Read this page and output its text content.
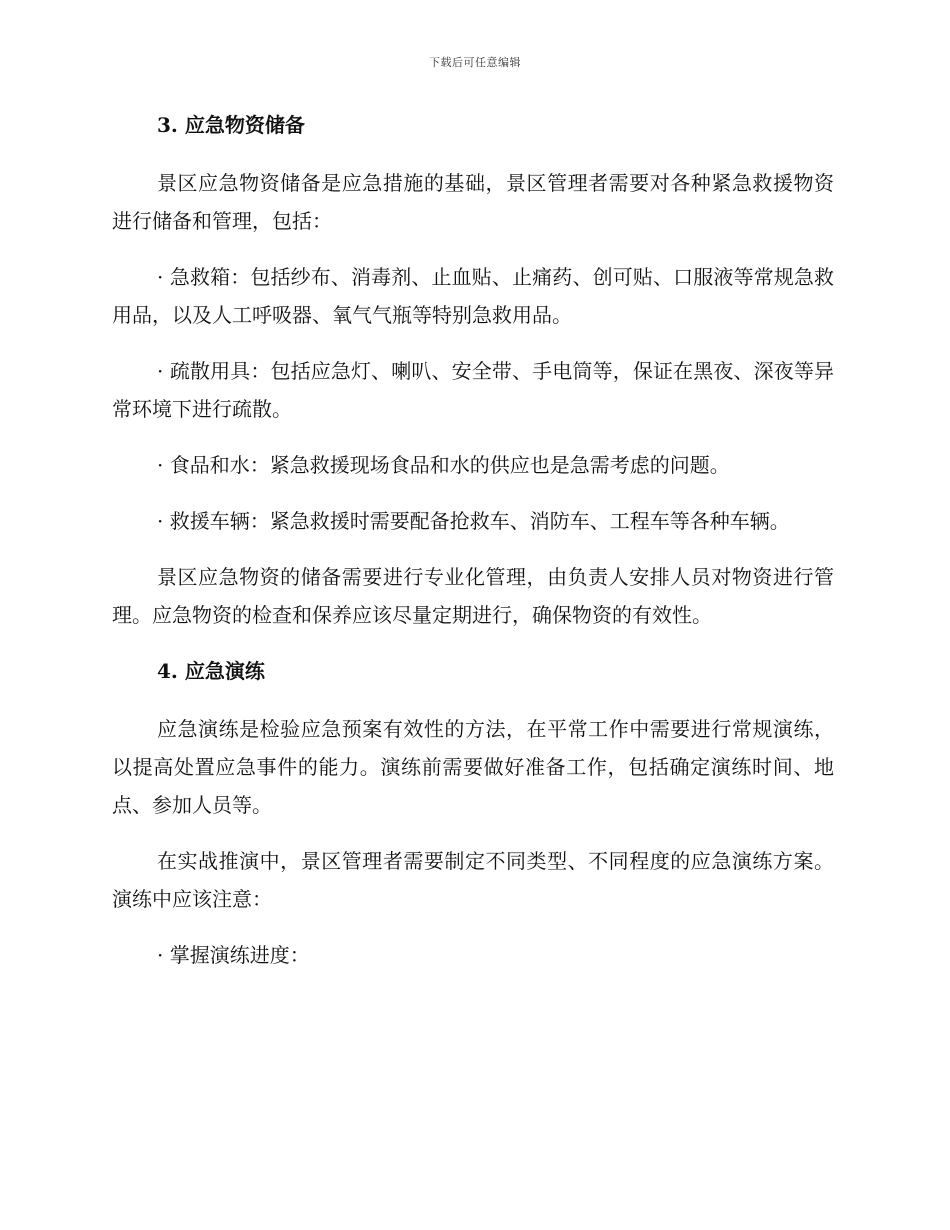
下载后可任意编辑
3. 应急物资储备

景区应急物资储备是应急措施的基础，景区管理者需要对各种紧急救援物资进行储备和管理，包括：

· 急救箱：包括纱布、消毒剂、止血贴、止痛药、创可贴、口服液等常规急救用品，以及人工呼吸器、氧气气瓶等特别急救用品。

· 疏散用具：包括应急灯、喇叭、安全带、手电筒等，保证在黑夜、深夜等异常环境下进行疏散。

· 食品和水：紧急救援现场食品和水的供应也是急需考虑的问题。

· 救援车辆：紧急救援时需要配备抢救车、消防车、工程车等各种车辆。

景区应急物资的储备需要进行专业化管理，由负责人安排人员对物资进行管理。应急物资的检查和保养应该尽量定期进行，确保物资的有效性。

4. 应急演练

应急演练是检验应急预案有效性的方法，在平常工作中需要进行常规演练，以提高处置应急事件的能力。演练前需要做好准备工作，包括确定演练时间、地点、参加人员等。

在实战推演中，景区管理者需要制定不同类型、不同程度的应急演练方案。演练中应该注意：

· 掌握演练进度：
